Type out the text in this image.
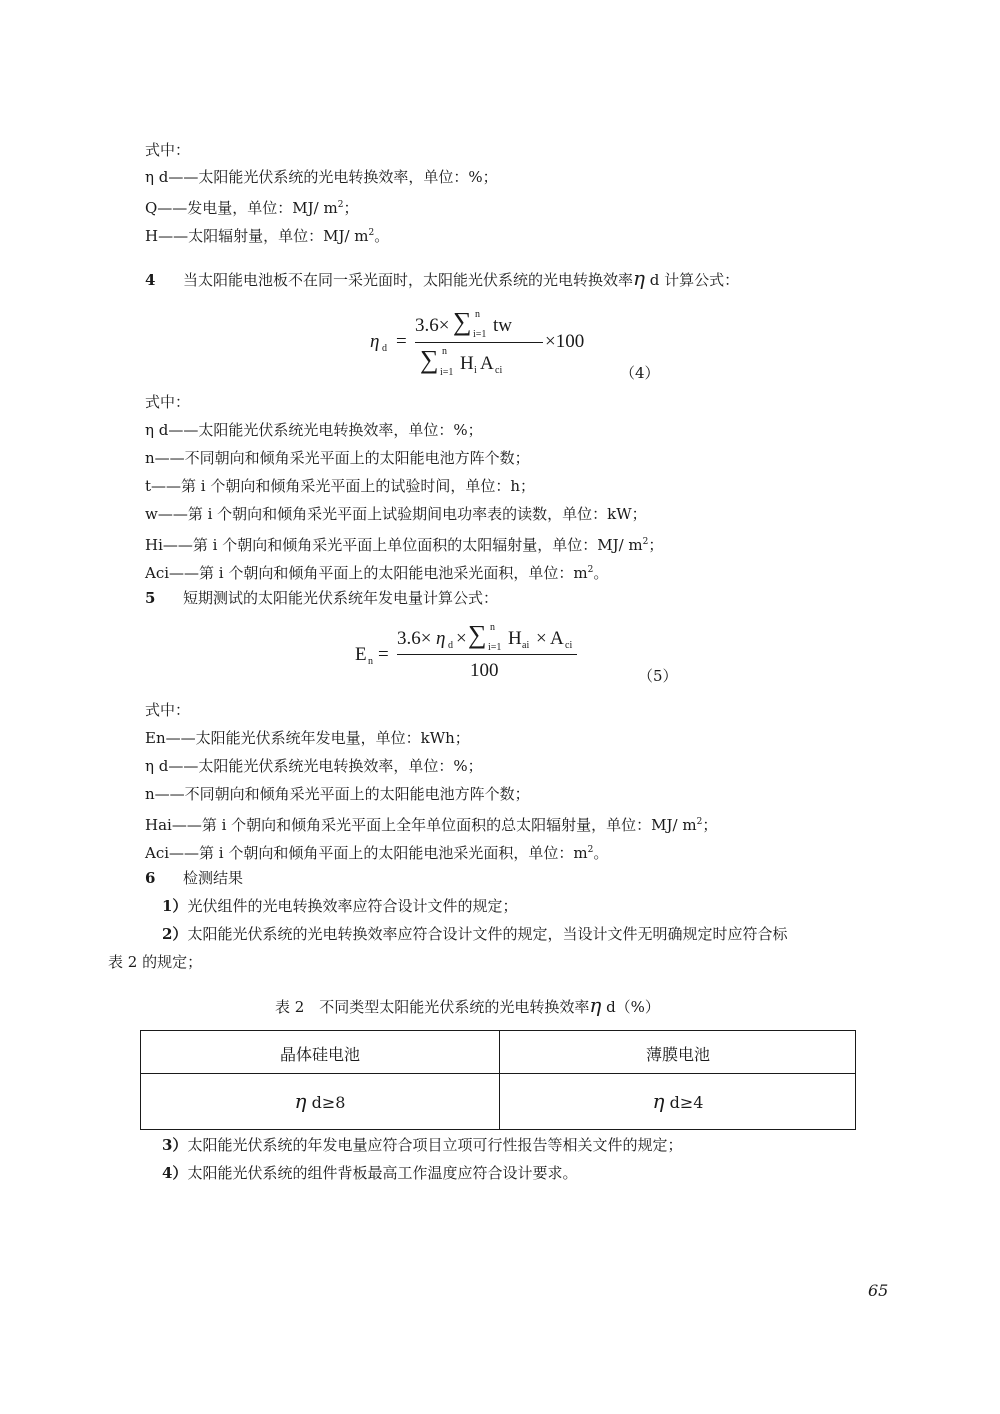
式中：
η d——太阳能光伏系统的光电转换效率，单位：%；
Q——发电量，单位：MJ/ $m^2$；
H——太阳辐射量，单位：MJ/ $m^2$。
4 当太阳能电池板不在同一采光面时，太阳能光伏系统的光电转换效率η d 计算公式：
η d =
3.6× ∑ n
i=1 tw
∑ n
i=1 H i A ci
×100
（4）
式中：
η d——太阳能光伏系统光电转换效率，单位：%；
n——不同朝向和倾角采光平面上的太阳能电池方阵个数；
t——第 i 个朝向和倾角采光平面上的试验时间，单位：h；
w——第 i 个朝向和倾角采光平面上试验期间电功率表的读数，单位：kW；
Hi——第 i 个朝向和倾角采光平面上单位面积的太阳辐射量，单位：MJ/ $m^2$；
Aci——第 i 个朝向和倾角平面上的太阳能电池采光面积，单位：$m^2$。
5 短期测试的太阳能光伏系统年发电量计算公式：
E n =
3.6× η d × ∑ n
i=1 H ai × A ci
100	（5）
式中：
En——太阳能光伏系统年发电量，单位：kWh；
η d——太阳能光伏系统光电转换效率，单位：%；
n——不同朝向和倾角采光平面上的太阳能电池方阵个数；
Hai——第 i 个朝向和倾角采光平面上全年单位面积的总太阳辐射量，单位：MJ/ $m^2$；
Aci——第 i 个朝向和倾角平面上的太阳能电池采光面积，单位：$m^2$。
6 检测结果
1）光伏组件的光电转换效率应符合设计文件的规定；
2）太阳能光伏系统的光电转换效率应符合设计文件的规定，当设计文件无明确规定时应符合标
表 2 的规定；
表 2　不同类型太阳能光伏系统的光电转换效率η d（%）
晶体硅电池	薄膜电池
η d≥8	η d≥4
3）太阳能光伏系统的年发电量应符合项目立项可行性报告等相关文件的规定；
4）太阳能光伏系统的组件背板最高工作温度应符合设计要求。
65
